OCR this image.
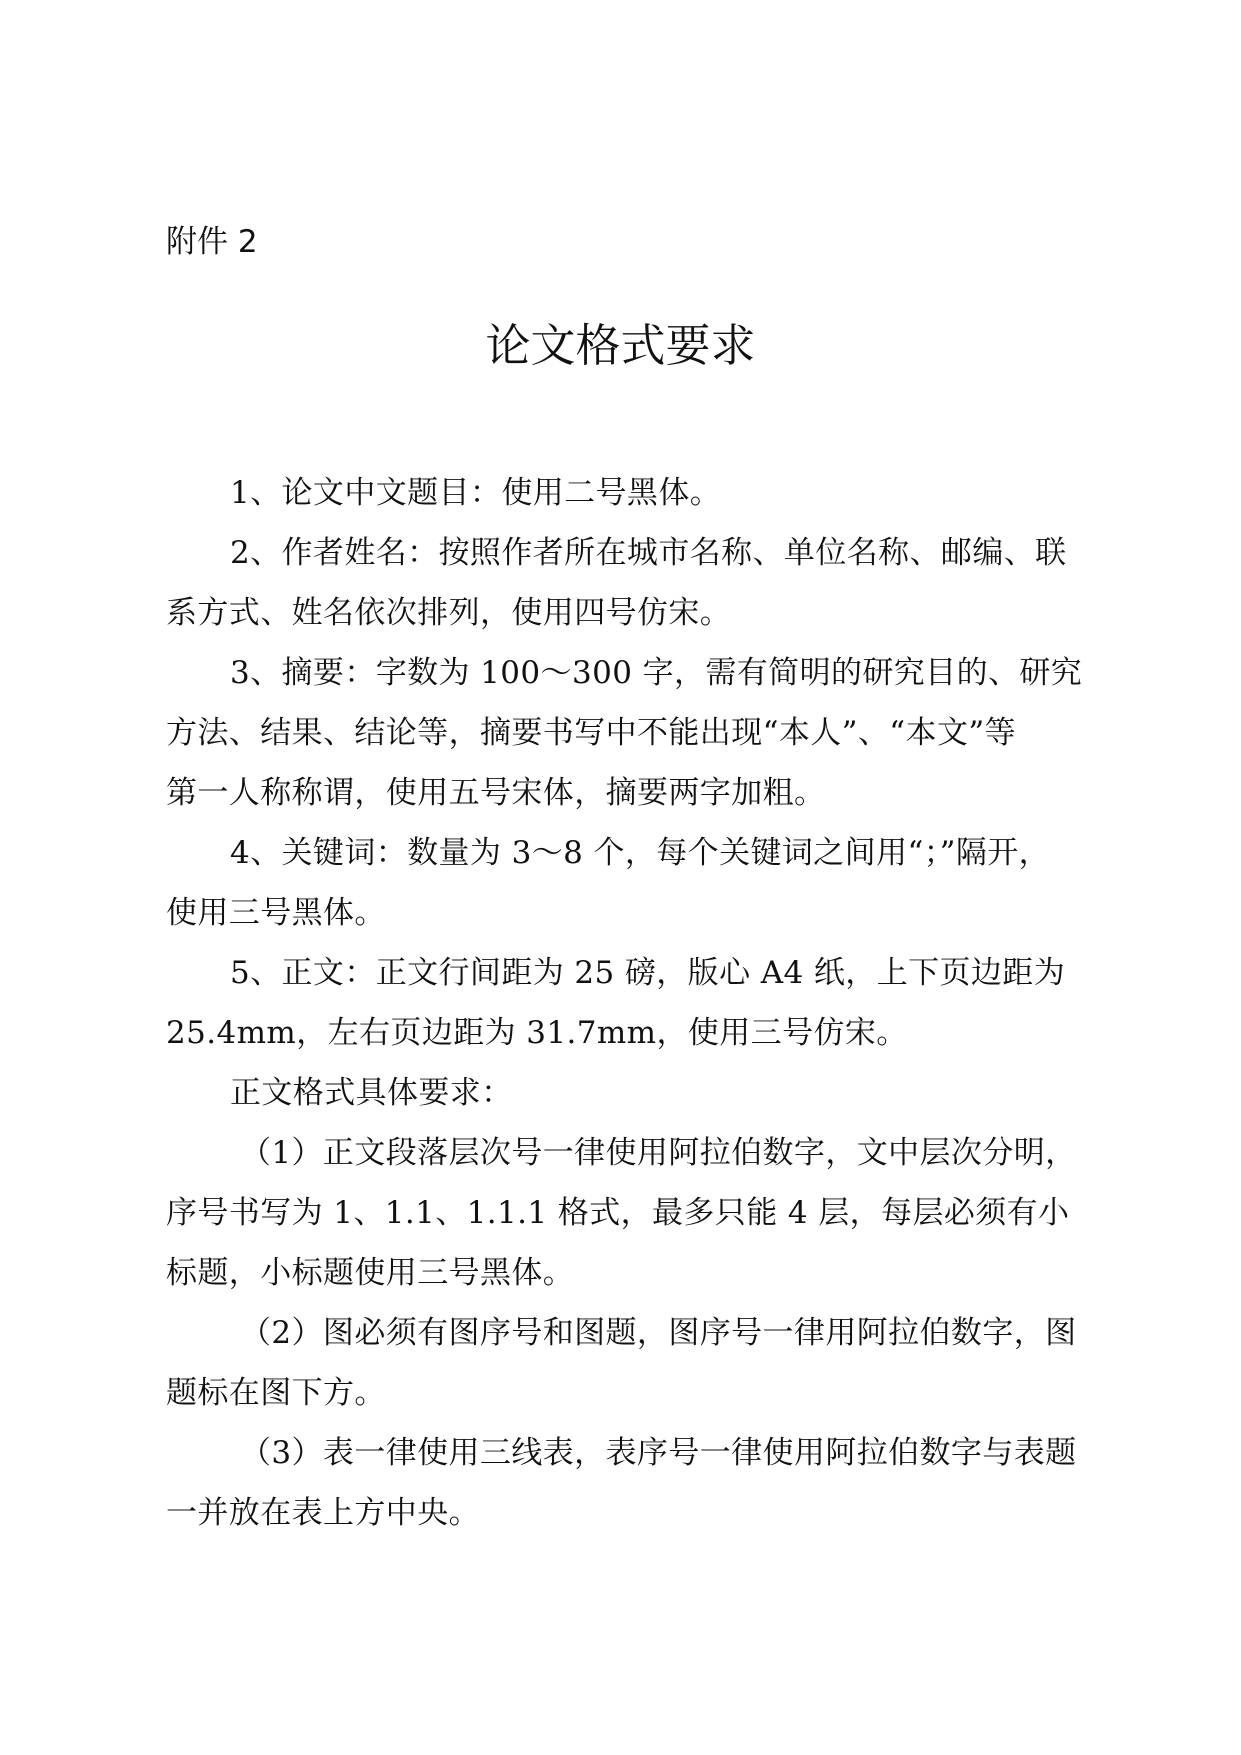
附件 2
论文格式要求
1、论文中文题目：使用二号黑体。
2、作者姓名：按照作者所在城市名称、单位名称、邮编、联
系方式、姓名依次排列，使用四号仿宋。
3、摘要：字数为 100～300 字，需有简明的研究目的、研究
方法、结果、结论等，摘要书写中不能出现“本人”、“本文”等
第一人称称谓，使用五号宋体，摘要两字加粗。
4、关键词：数量为 3～8 个，每个关键词之间用“；”隔开，
使用三号黑体。
5、正文：正文行间距为 25 磅，版心 A4 纸，上下页边距为
25.4mm，左右页边距为 31.7mm，使用三号仿宋。
正文格式具体要求：
（1）正文段落层次号一律使用阿拉伯数字，文中层次分明，
序号书写为 1、1.1、1.1.1 格式，最多只能 4 层，每层必须有小
标题，小标题使用三号黑体。
（2）图必须有图序号和图题，图序号一律用阿拉伯数字，图
题标在图下方。
（3）表一律使用三线表，表序号一律使用阿拉伯数字与表题
一并放在表上方中央。
